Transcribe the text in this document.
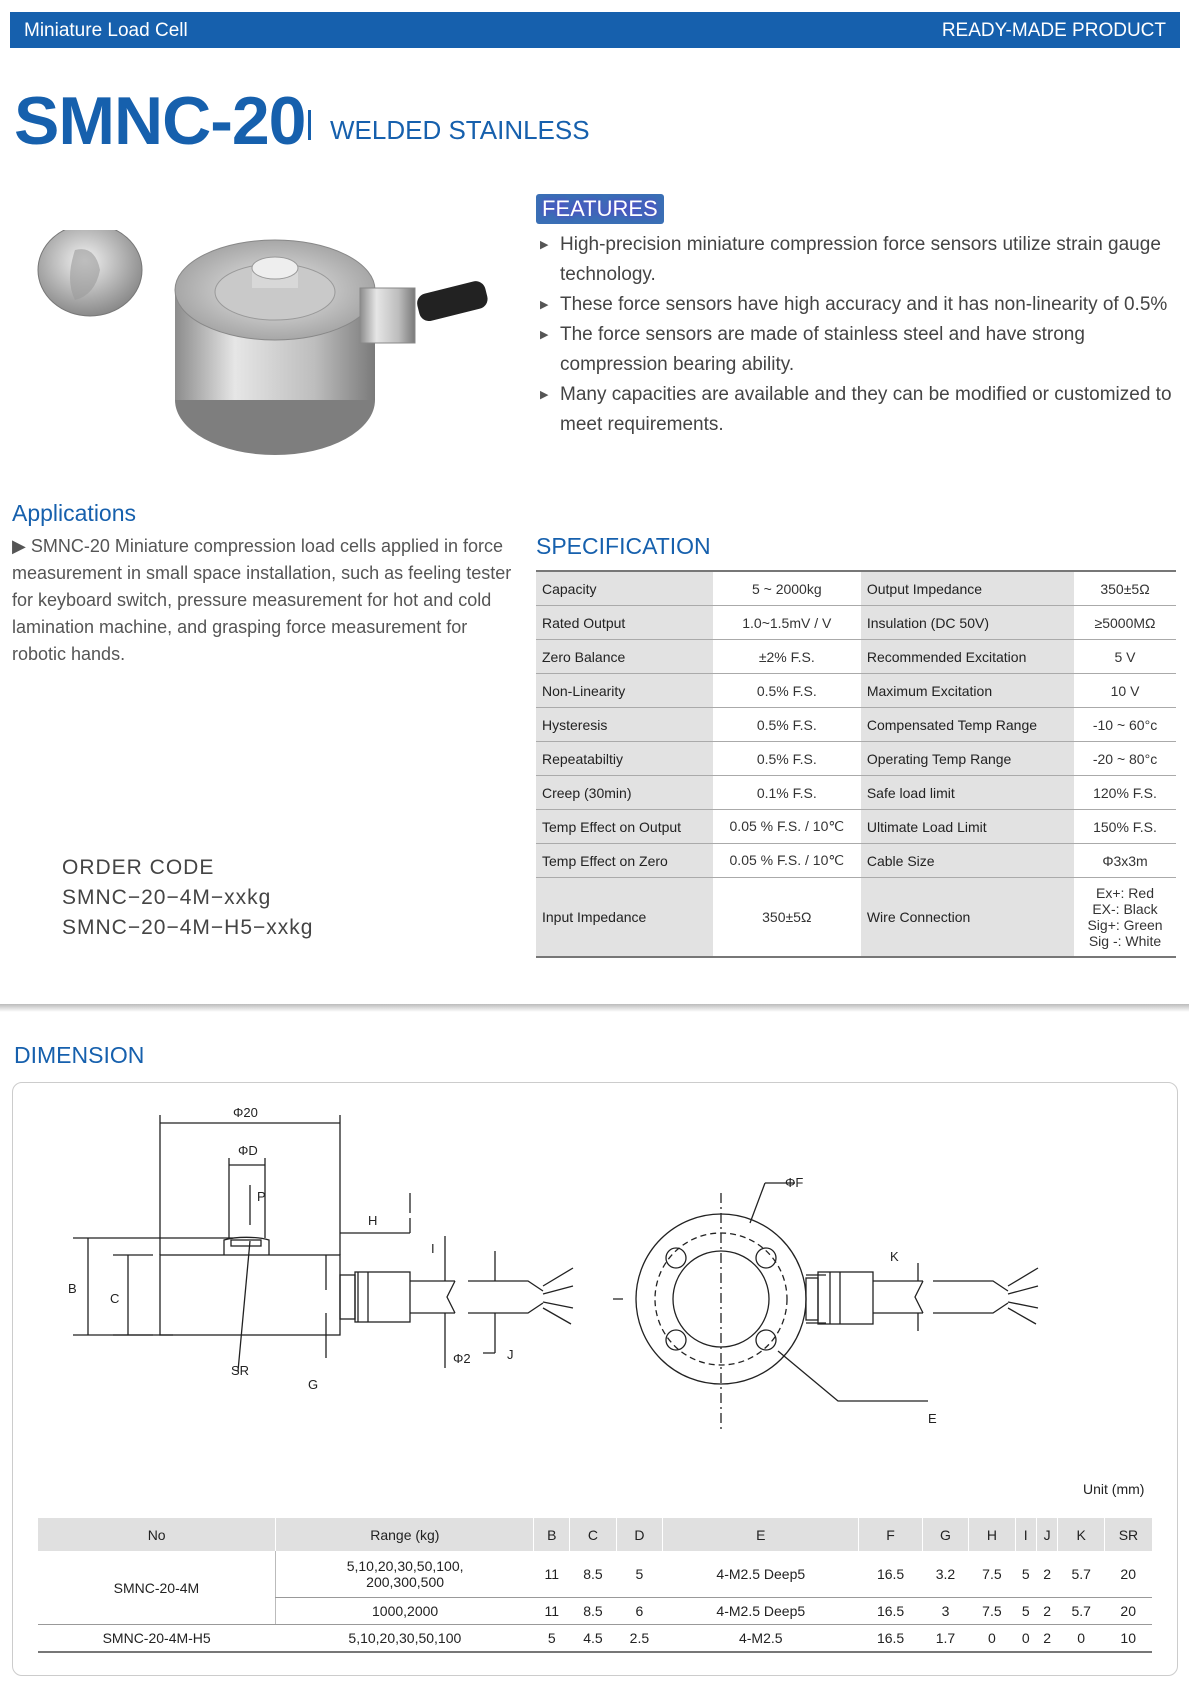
Miniature Load Cell	READY-MADE PRODUCT
SMNC-20 WELDED STAINLESS
FEATURES
▶ High-precision miniature compression force sensors utilize strain gauge technology.
▶ These force sensors have high accuracy and it has non-linearity of 0.5%
▶ The force sensors are made of stainless steel and have strong compression bearing ability.
▶ Many capacities are available and they can be modified or customized to meet requirements.
Applications
▶ SMNC-20 Miniature compression load cells applied in force measurement in small space installation, such as feeling tester for keyboard switch, pressure measurement for hot and cold lamination machine, and grasping force measurement for robotic hands.
SPECIFICATION
Capacity	5 ~ 2000kg	Output Impedance	350±5Ω
Rated Output	1.0~1.5mV / V	Insulation (DC 50V)	≥5000MΩ
Zero Balance	±2% F.S.	Recommended Excitation	5 V
Non-Linearity	0.5% F.S.	Maximum Excitation	10 V
Hysteresis	0.5% F.S.	Compensated Temp Range	-10 ~ 60°c
Repeatabiltiy	0.5% F.S.	Operating Temp Range	-20 ~ 80°c
Creep (30min)	0.1% F.S.	Safe load limit	120% F.S.
Temp Effect on Output	0.05 % F.S. / 10℃	Ultimate Load Limit	150% F.S.
Temp Effect on Zero	0.05 % F.S. / 10℃	Cable Size	Φ3x3m
Input Impedance	350±5Ω	Wire Connection	Ex+: Red
EX-: Black
Sig+: Green
Sig -: White
ORDER CODE
SMNC−20−4M−xxkg
SMNC−20−4M−H5−xxkg
DIMENSION
Φ20
ΦD
P
H
I
B
C
SR
G
Φ2	J
ΦF
K
E
Unit (mm)
No	Range (kg)	B	C	D	E	F	G	H	I	J	K	SR
SMNC-20-4M	5,10,20,30,50,100,
200,300,500	11	8.5	5	4-M2.5 Deep5	16.5	3.2	7.5	5	2	5.7	20
	1000,2000	11	8.5	6	4-M2.5 Deep5	16.5	3	7.5	5	2	5.7	20
SMNC-20-4M-H5	5,10,20,30,50,100	5	4.5	2.5	4-M2.5	16.5	1.7	0	0	2	0	10
